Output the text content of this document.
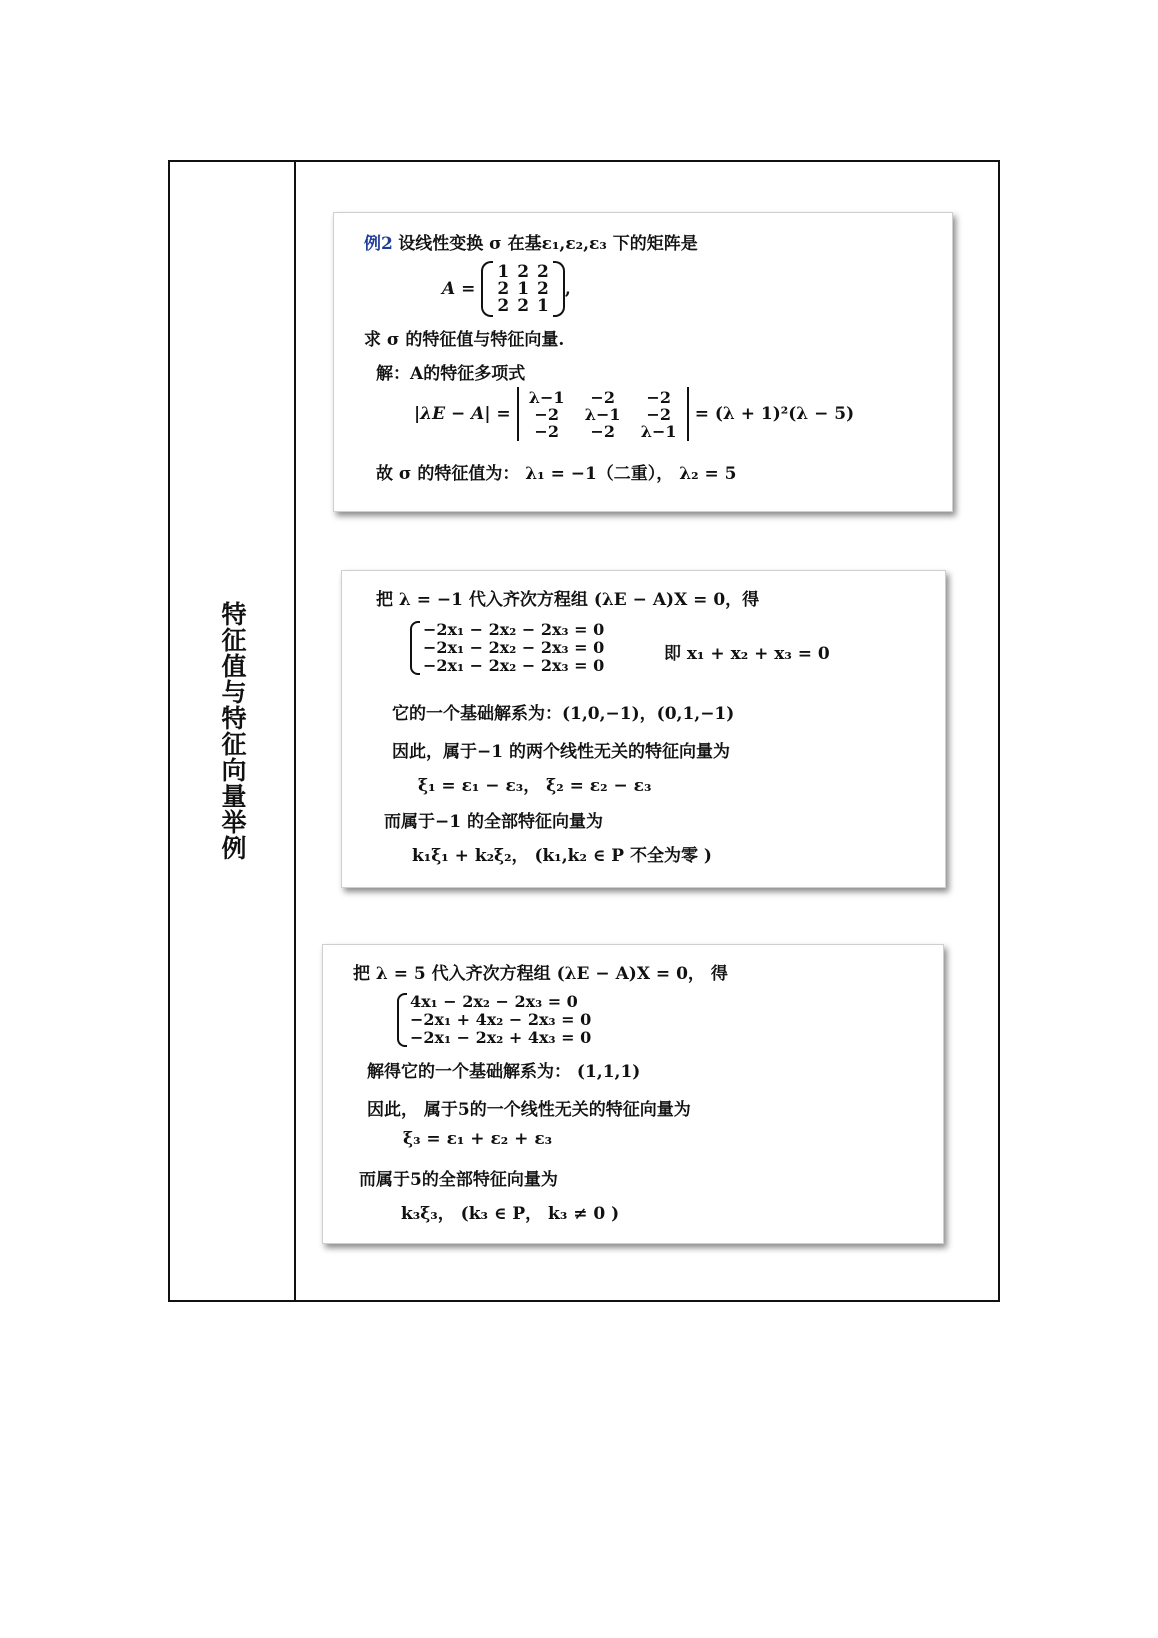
特征值与特征向量举例
例2 设线性变换 σ 在基ε₁,ε₂,ε₃ 下的矩阵是
A =
1 2 2
2 1 2
2 2 1
,
求 σ 的特征值与特征向量.
解：A的特征多项式
|λE − A| =
λ−1	−2	−2
−2	λ−1	−2
−2	−2	λ−1
= (λ + 1)²(λ − 5)
故 σ 的特征值为： λ₁ = −1（二重）， λ₂ = 5
把 λ = −1 代入齐次方程组 (λE − A)X = 0，得
−2x₁ − 2x₂ − 2x₃ = 0
−2x₁ − 2x₂ − 2x₃ = 0
−2x₁ − 2x₂ − 2x₃ = 0
即 x₁ + x₂ + x₃ = 0
它的一个基础解系为：(1,0,−1)，(0,1,−1)
因此，属于−1 的两个线性无关的特征向量为
ξ₁ = ε₁ − ε₃， ξ₂ = ε₂ − ε₃
而属于−1 的全部特征向量为
k₁ξ₁ + k₂ξ₂， (k₁,k₂ ∈ P 不全为零 )
把 λ = 5 代入齐次方程组 (λE − A)X = 0， 得
4x₁ − 2x₂ − 2x₃ = 0
−2x₁ + 4x₂ − 2x₃ = 0
−2x₁ − 2x₂ + 4x₃ = 0
解得它的一个基础解系为： (1,1,1)
因此， 属于5的一个线性无关的特征向量为
ξ₃ = ε₁ + ε₂ + ε₃
而属于5的全部特征向量为
k₃ξ₃， (k₃ ∈ P， k₃ ≠ 0 )
